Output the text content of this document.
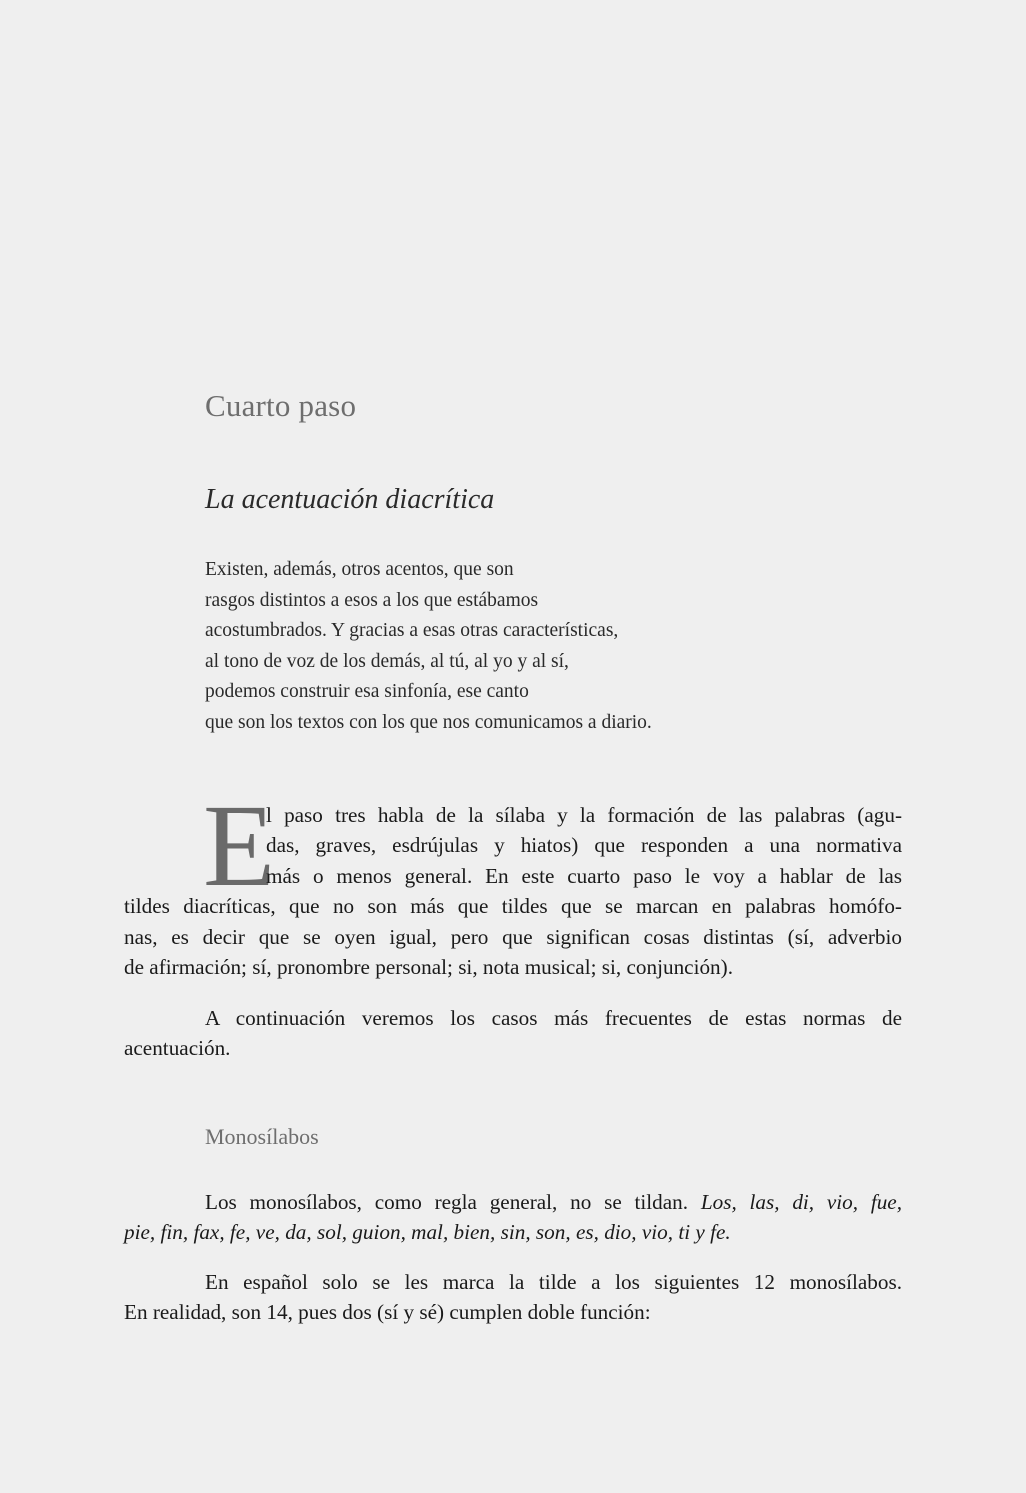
Cuarto paso
La acentuación diacrítica
Existen, además, otros acentos, que son
rasgos distintos a esos a los que estábamos
acostumbrados. Y gracias a esas otras características,
al tono de voz de los demás, al tú, al yo y al sí,
podemos construir esa sinfonía, ese canto
que son los textos con los que nos comunicamos a diario.
E
l paso tres habla de la sílaba y la formación de las palabras (agu-
das, graves, esdrújulas y hiatos) que responden a una normativa
más o menos general. En este cuarto paso le voy a hablar de las
tildes diacríticas, que no son más que tildes que se marcan en palabras homófo-
nas, es decir que se oyen igual, pero que significan cosas distintas (sí, adverbio
de afirmación; sí, pronombre personal; si, nota musical; si, conjunción).
A continuación veremos los casos más frecuentes de estas normas de
acentuación.
Monosílabos
Los monosílabos, como regla general, no se tildan. Los, las, di, vio, fue,
pie, fin, fax, fe, ve, da, sol, guion, mal, bien, sin, son, es, dio, vio, ti y fe.
En español solo se les marca la tilde a los siguientes 12 monosílabos.
En realidad, son 14, pues dos (sí y sé) cumplen doble función:
